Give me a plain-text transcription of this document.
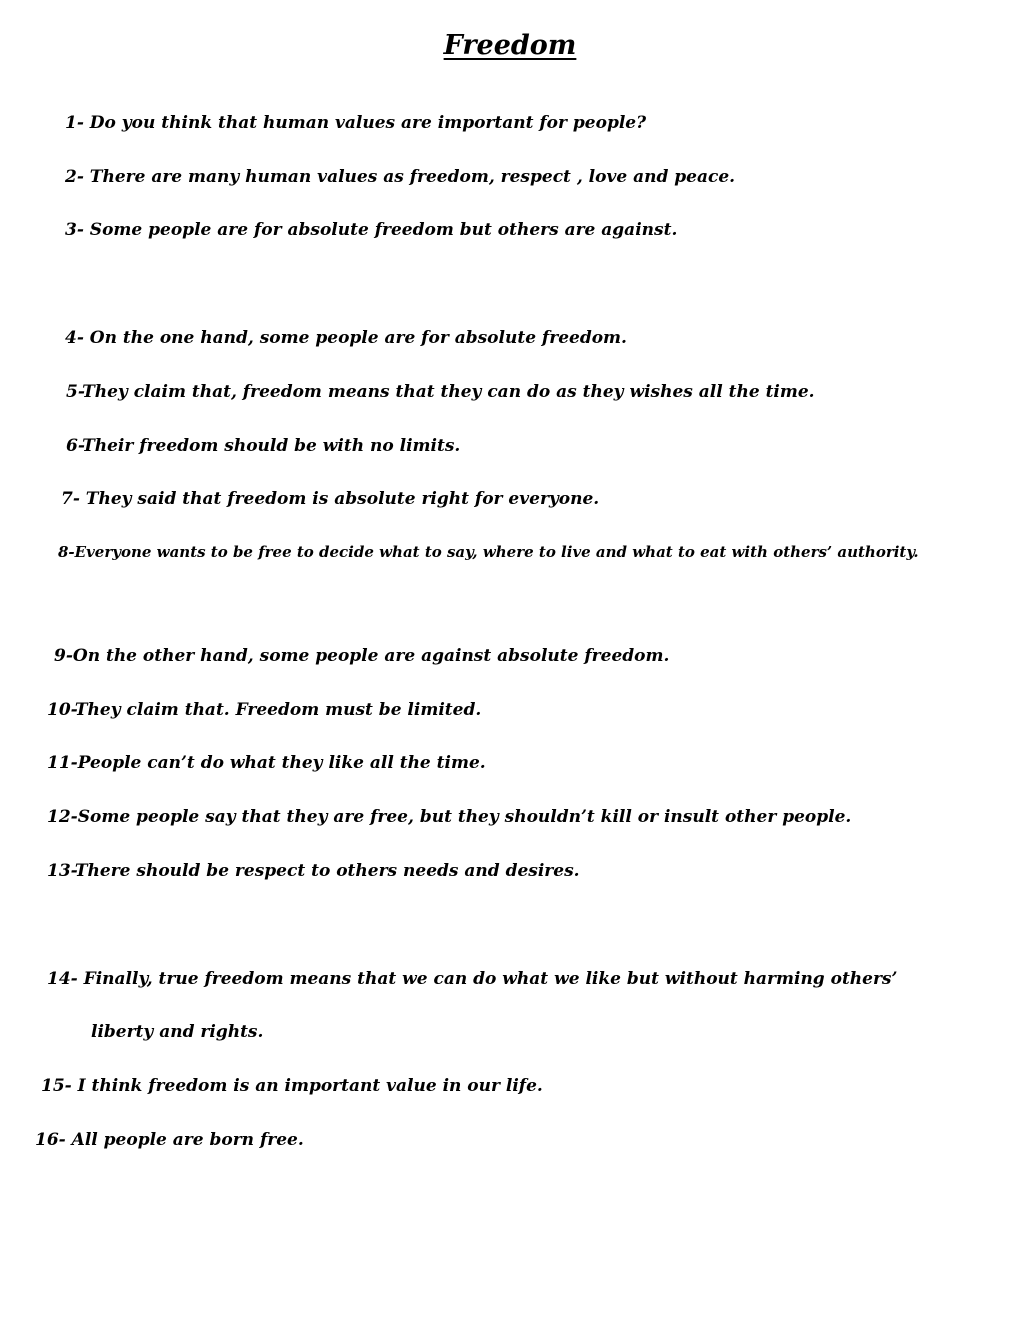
Freedom

1- Do you think that human values are important for people?

2- There are many human values as freedom, respect , love and peace.

3- Some people are for absolute freedom but others are against.

4- On the one hand, some people are for absolute freedom.

5-They claim that, freedom means that they can do as they wishes all the time.

6-Their freedom should be with no limits.

7- They said that freedom is absolute right for everyone.

8-Everyone wants to be free to decide what to say, where to live and what to eat with others’ authority.

9-On the other hand, some people are against absolute freedom.

10-They claim that. Freedom must be limited.

11-People can’t do what they like all the time.

12-Some people say that they are free, but they shouldn’t kill or insult other people.

13-There should be respect to others needs and desires.

14- Finally, true freedom means that we can do what we like but without harming others’

liberty and rights.

15- I think freedom is an important value in our life.

16- All people are born free.
